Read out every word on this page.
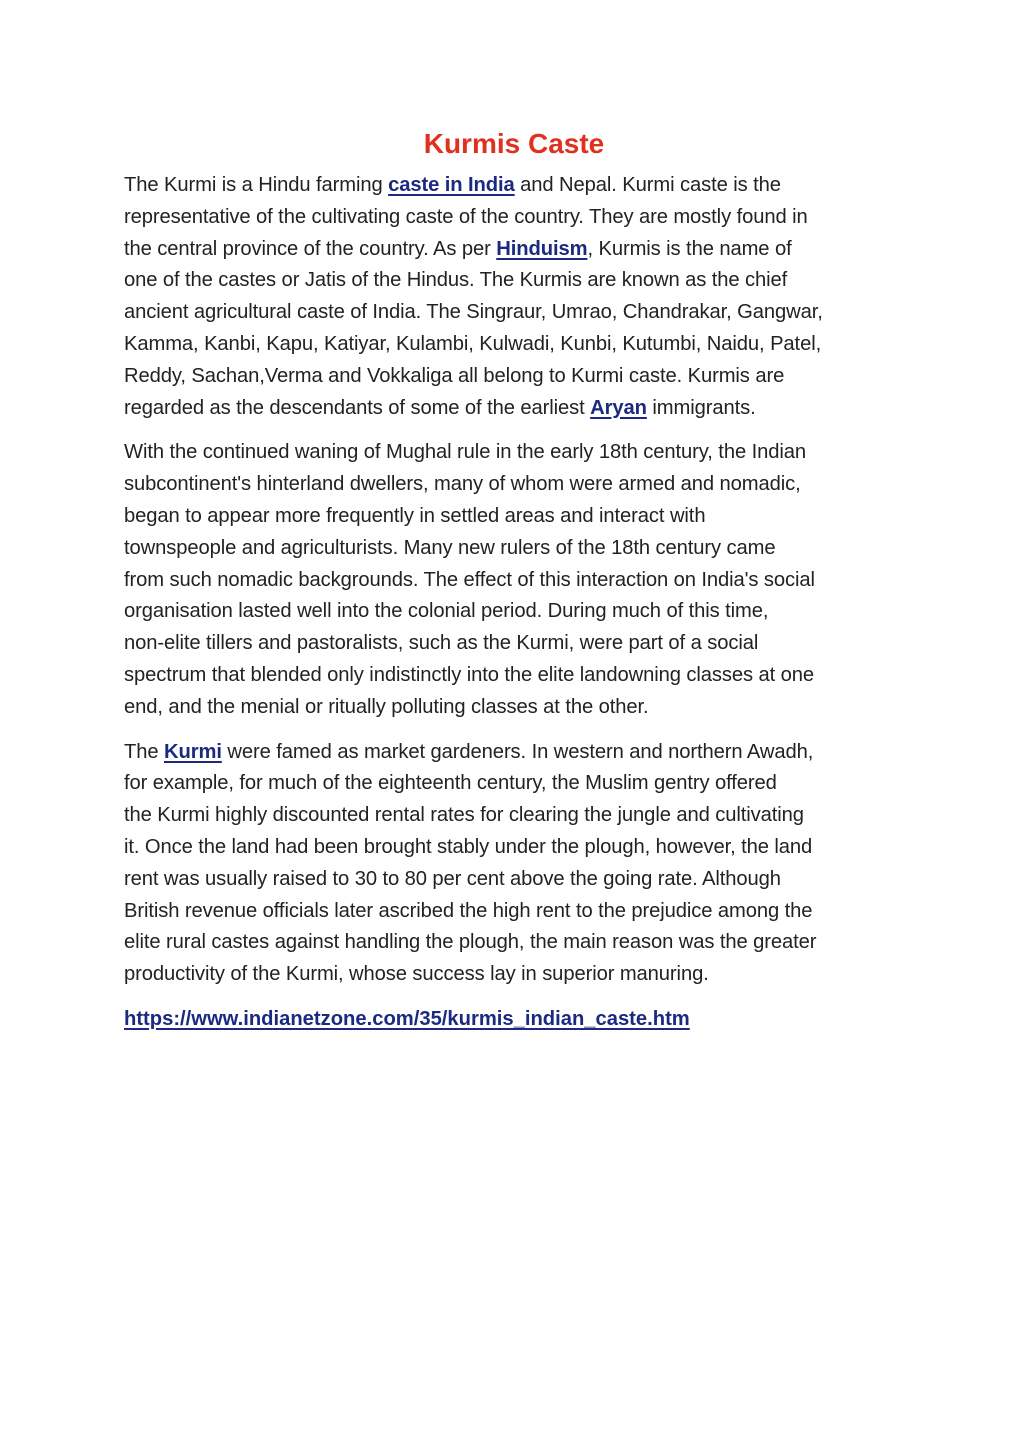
Kurmis Caste

The Kurmi is a Hindu farming caste in India and Nepal. Kurmi caste is the
representative of the cultivating caste of the country. They are mostly found in
the central province of the country. As per Hinduism, Kurmis is the name of
one of the castes or Jatis of the Hindus. The Kurmis are known as the chief
ancient agricultural caste of India. The Singraur, Umrao, Chandrakar, Gangwar,
Kamma, Kanbi, Kapu, Katiyar, Kulambi, Kulwadi, Kunbi, Kutumbi, Naidu, Patel,
Reddy, Sachan,Verma and Vokkaliga all belong to Kurmi caste. Kurmis are
regarded as the descendants of some of the earliest Aryan immigrants.

With the continued waning of Mughal rule in the early 18th century, the Indian
subcontinent's hinterland dwellers, many of whom were armed and nomadic,
began to appear more frequently in settled areas and interact with
townspeople and agriculturists. Many new rulers of the 18th century came
from such nomadic backgrounds. The effect of this interaction on India's social
organisation lasted well into the colonial period. During much of this time,
non-elite tillers and pastoralists, such as the Kurmi, were part of a social
spectrum that blended only indistinctly into the elite landowning classes at one
end, and the menial or ritually polluting classes at the other.

The Kurmi were famed as market gardeners. In western and northern Awadh,
for example, for much of the eighteenth century, the Muslim gentry offered
the Kurmi highly discounted rental rates for clearing the jungle and cultivating
it. Once the land had been brought stably under the plough, however, the land
rent was usually raised to 30 to 80 per cent above the going rate. Although
British revenue officials later ascribed the high rent to the prejudice among the
elite rural castes against handling the plough, the main reason was the greater
productivity of the Kurmi, whose success lay in superior manuring.

https://www.indianetzone.com/35/kurmis_indian_caste.htm
